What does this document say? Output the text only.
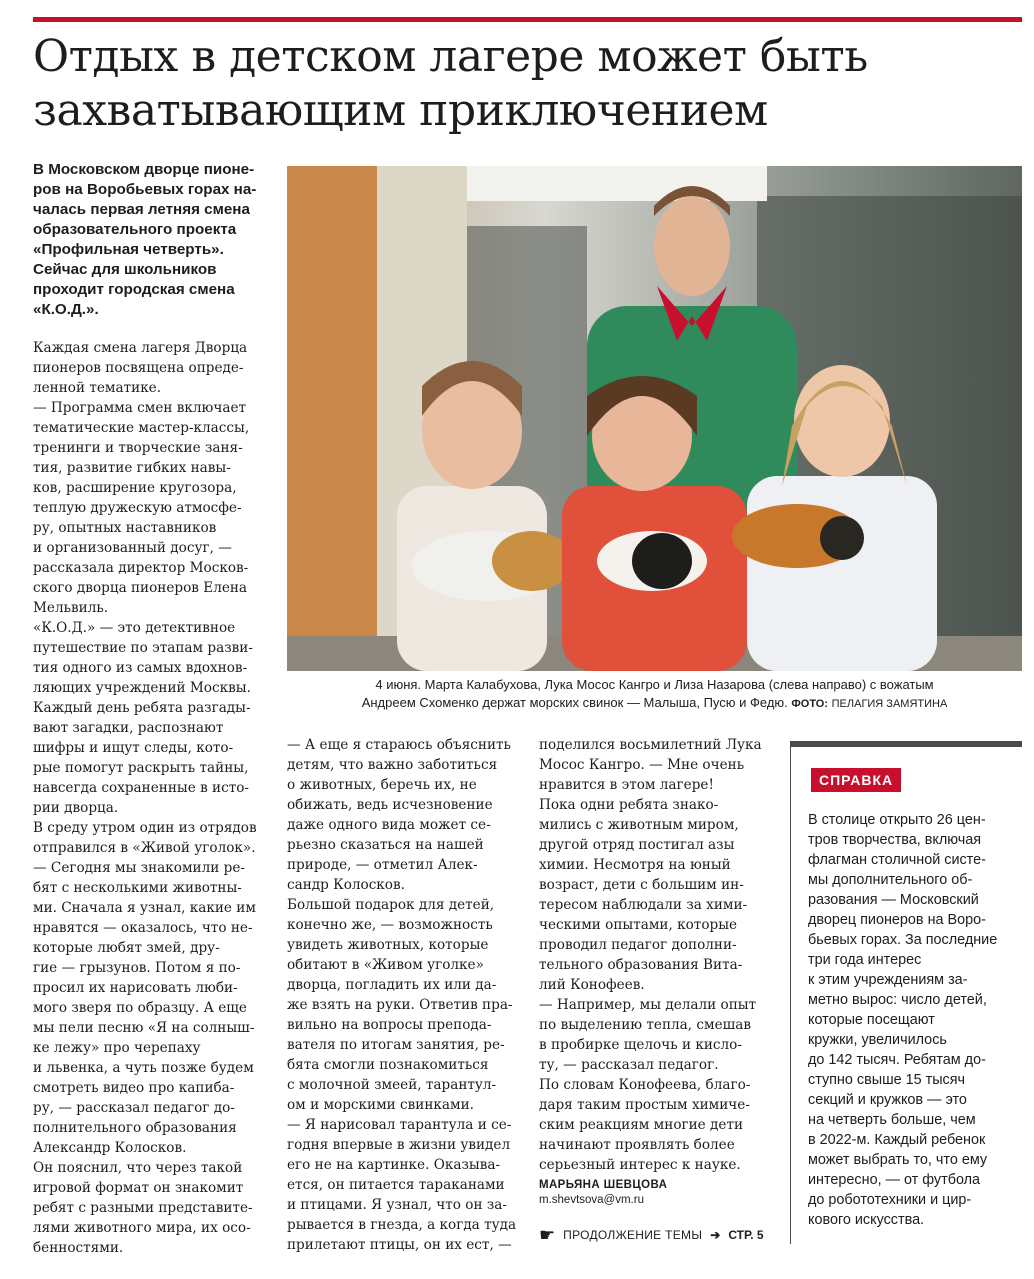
Отдых в детском лагере может быть
захватывающим приключением
В Московском дворце пионе-
ров на Воробьевых горах на-
чалась первая летняя смена
образовательного проекта
«Профильная четверть».
Сейчас для школьников
проходит городская смена
«К.О.Д.».
Каждая смена лагеря Дворца
пионеров посвящена опреде-
ленной тематике.
— Программа смен включает
тематические мастер-классы,
тренинги и творческие заня-
тия, развитие гибких навы-
ков, расширение кругозора,
теплую дружескую атмосфе-
ру, опытных наставников
и организованный досуг, —
рассказала директор Москов-
ского дворца пионеров Елена
Мельвиль.
«К.О.Д.» — это детективное
путешествие по этапам разви-
тия одного из самых вдохнов-
ляющих учреждений Москвы.
Каждый день ребята разгады-
вают загадки, распознают
шифры и ищут следы, кото-
рые помогут раскрыть тайны,
навсегда сохраненные в исто-
рии дворца.
В среду утром один из отрядов
отправился в «Живой уголок».
— Сегодня мы знакомили ре-
бят с несколькими животны-
ми. Сначала я узнал, какие им
нравятся — оказалось, что не-
которые любят змей, дру-
гие — грызунов. Потом я по-
просил их нарисовать люби-
мого зверя по образцу. А еще
мы пели песню «Я на солныш-
ке лежу» про черепаху
и львенка, а чуть позже будем
смотреть видео про капиба-
ру, — рассказал педагог до-
полнительного образования
Александр Колосков.
Он пояснил, что через такой
игровой формат он знакомит
ребят с разными представите-
лями животного мира, их осо-
бенностями.
— А еще я стараюсь объяснить
детям, что важно заботиться
о животных, беречь их, не
обижать, ведь исчезновение
даже одного вида может се-
рьезно сказаться на нашей
природе, — отметил Алек-
сандр Колосков.
Большой подарок для детей,
конечно же, — возможность
увидеть животных, которые
обитают в «Живом уголке»
дворца, погладить их или да-
же взять на руки. Ответив пра-
вильно на вопросы препода-
вателя по итогам занятия, ре-
бята смогли познакомиться
с молочной змеей, тарантул-
ом и морскими свинками.
— Я нарисовал тарантула и се-
годня впервые в жизни увидел
его не на картинке. Оказыва-
ется, он питается тараканами
и птицами. Я узнал, что он за-
рывается в гнезда, а когда туда
прилетают птицы, он их ест, —
поделился восьмилетний Лука
Мосос Кангро. — Мне очень
нравится в этом лагере!
Пока одни ребята знако-
мились с животным миром,
другой отряд постигал азы
химии. Несмотря на юный
возраст, дети с большим ин-
тересом наблюдали за хими-
ческими опытами, которые
проводил педагог дополни-
тельного образования Вита-
лий Конофеев.
— Например, мы делали опыт
по выделению тепла, смешав
в пробирке щелочь и кисло-
ту, — рассказал педагог.
По словам Конофеева, благо-
даря таким простым химиче-
ским реакциям многие дети
начинают проявлять более
серьезный интерес к науке.
4 июня. Марта Калабухова, Лука Мосос Кангро и Лиза Назарова (слева направо) с вожатым
Андреем Схоменко держат морских свинок — Малыша, Пусю и Федю. ФОТО: ПЕЛАГИЯ ЗАМЯТИНА
МАРЬЯНА ШЕВЦОВА
m.shevtsova@vm.ru
☛ ПРОДОЛЖЕНИЕ ТЕМЫ ➔ СТР. 5
СПРАВКА
В столице открыто 26 цен-
тров творчества, включая
флагман столичной систе-
мы дополнительного об-
разования — Московский
дворец пионеров на Воро-
бьевых горах. За последние
три года интерес
к этим учреждениям за-
метно вырос: число детей,
которые посещают
кружки, увеличилось
до 142 тысяч. Ребятам до-
ступно свыше 15 тысяч
секций и кружков — это
на четверть больше, чем
в 2022-м. Каждый ребенок
может выбрать то, что ему
интересно, — от футбола
до робототехники и цир-
кового искусства.
